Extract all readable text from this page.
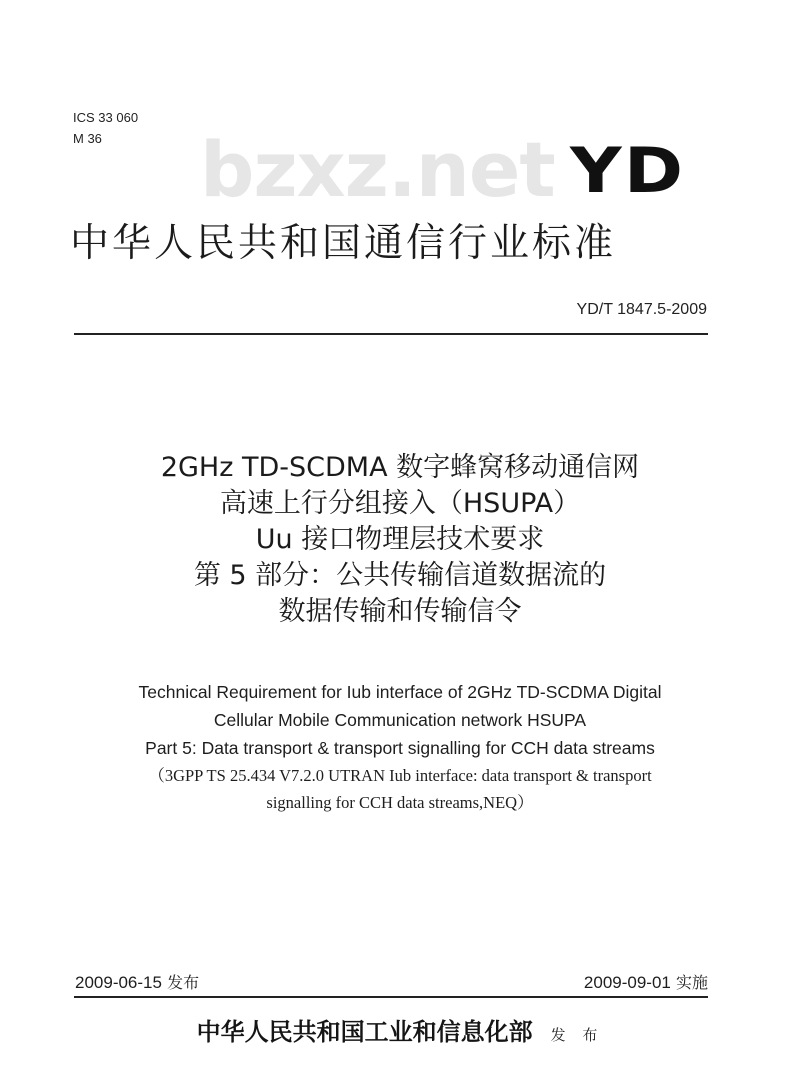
ICS 33 060
M 36 bzxz.net YD
中华人民共和国通信行业标准
YD/T 1847.5-2009
2GHz TD-SCDMA 数字蜂窝移动通信网
高速上行分组接入（HSUPA）
Uu 接口物理层技术要求
第 5 部分：公共传输信道数据流的
数据传输和传输信令
Technical Requirement for Iub interface of 2GHz TD-SCDMA Digital
Cellular Mobile Communication network HSUPA
Part 5: Data transport & transport signalling for CCH data streams
（3GPP TS 25.434 V7.2.0 UTRAN Iub interface: data transport & transport
signalling for CCH data streams,NEQ）
2009-06-15 发布	2009-09-01 实施
中华人民共和国工业和信息化部 发 布
